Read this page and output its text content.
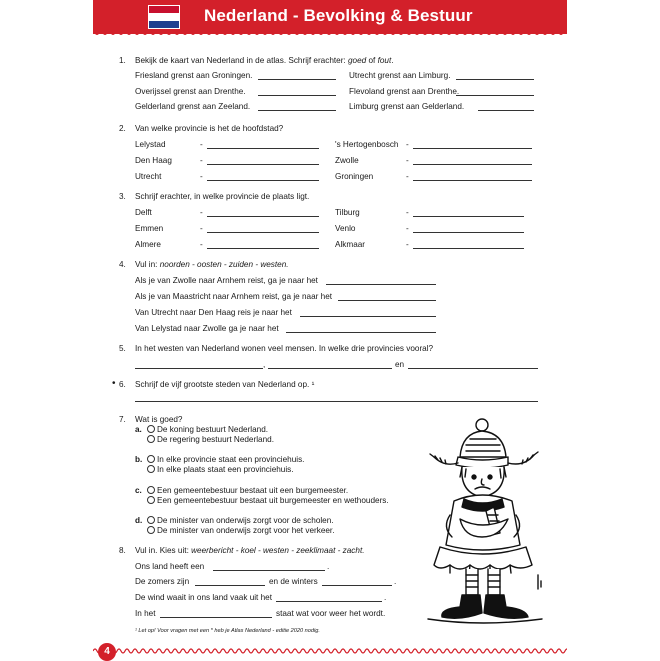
Nederland - Bevolking & Bestuur
1. Bekijk de kaart van Nederland in de atlas. Schrijf erachter: goed of fout.
Friesland grenst aan Groningen.	Utrecht grenst aan Limburg.
Overijssel grenst aan Drenthe.	Flevoland grenst aan Drenthe.
Gelderland grenst aan Zeeland.	Limburg grenst aan Gelderland.
2. Van welke provincie is het de hoofdstad?
Lelystad	-	's Hertogenbosch -
Den Haag	-	Zwolle	-
Utrecht	-	Groningen	-
3. Schrijf erachter, in welke provincie de plaats ligt.
Delft	-	Tilburg	-
Emmen	-	Venlo	-
Almere	-	Alkmaar	-
4. Vul in: noorden - oosten - zuiden - westen.
Als je van Zwolle naar Arnhem reist, ga je naar het
Als je van Maastricht naar Arnhem reist, ga je naar het
Van Utrecht naar Den Haag reis je naar het
Van Lelystad naar Zwolle ga je naar het
5. In het westen van Nederland wonen veel mensen. In welke drie provincies vooral?
,	en
• 6. Schrijf de vijf grootste steden van Nederland op. ¹
7. Wat is goed?
a.	De koning bestuurt Nederland.
De regering bestuurt Nederland.
b.	In elke provincie staat een provinciehuis.
In elke plaats staat een provinciehuis.
c.	Een gemeentebestuur bestaat uit een burgemeester.
Een gemeentebestuur bestaat uit burgemeester en wethouders.
d.	De minister van onderwijs zorgt voor de scholen.
De minister van onderwijs zorgt voor het verkeer.
8. Vul in. Kies uit: weerbericht - koel - westen - zeeklimaat - zacht.
Ons land heeft een	.
De zomers zijn	en de winters	.
De wind waait in ons land vaak uit het	.
In het	staat wat voor weer het wordt.
¹ Let op! Voor vragen met een * heb je Atlas Nederland - editie 2020 nodig.
4
